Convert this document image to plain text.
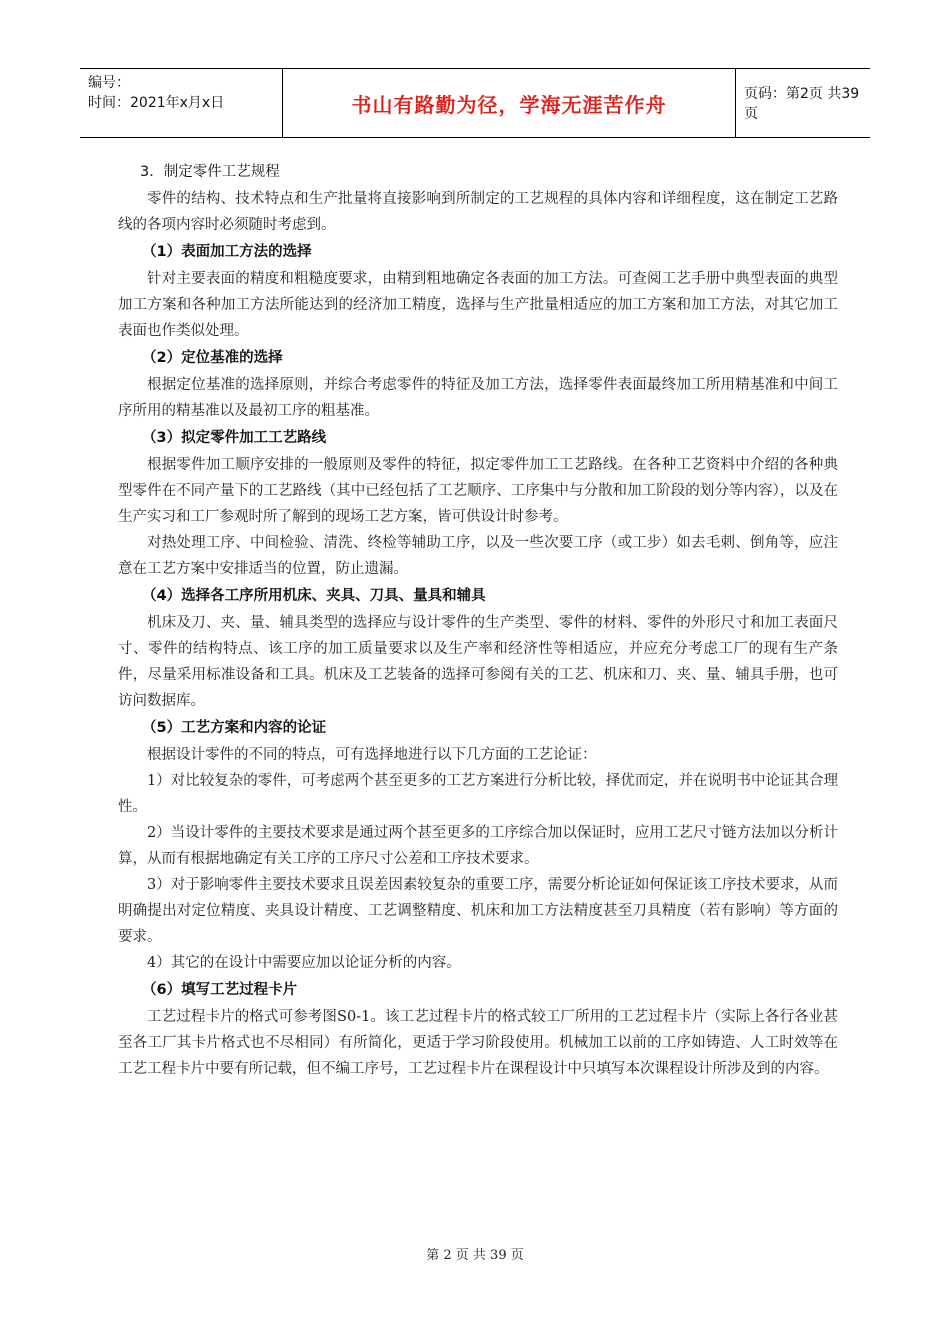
编号：
时间：2021年x月x日	书山有路勤为径，学海无涯苦作舟	页码：第2页 共39页
3．制定零件工艺规程

零件的结构、技术特点和生产批量将直接影响到所制定的工艺规程的具体内容和详细程度，这在制定工艺路线的各项内容时必须随时考虑到。

（1）表面加工方法的选择

针对主要表面的精度和粗糙度要求，由精到粗地确定各表面的加工方法。可查阅工艺手册中典型表面的典型加工方案和各种加工方法所能达到的经济加工精度，选择与生产批量相适应的加工方案和加工方法，对其它加工表面也作类似处理。

（2）定位基准的选择

根据定位基准的选择原则，并综合考虑零件的特征及加工方法，选择零件表面最终加工所用精基准和中间工序所用的精基准以及最初工序的粗基准。

（3）拟定零件加工工艺路线

根据零件加工顺序安排的一般原则及零件的特征，拟定零件加工工艺路线。在各种工艺资料中介绍的各种典型零件在不同产量下的工艺路线（其中已经包括了工艺顺序、工序集中与分散和加工阶段的划分等内容），以及在生产实习和工厂参观时所了解到的现场工艺方案，皆可供设计时参考。

对热处理工序、中间检验、清洗、终检等辅助工序，以及一些次要工序（或工步）如去毛刺、倒角等，应注意在工艺方案中安排适当的位置，防止遗漏。

（4）选择各工序所用机床、夹具、刀具、量具和辅具

机床及刀、夹、量、辅具类型的选择应与设计零件的生产类型、零件的材料、零件的外形尺寸和加工表面尺寸、零件的结构特点、该工序的加工质量要求以及生产率和经济性等相适应，并应充分考虑工厂的现有生产条件，尽量采用标准设备和工具。机床及工艺装备的选择可参阅有关的工艺、机床和刀、夹、量、辅具手册，也可访问数据库。

（5）工艺方案和内容的论证

根据设计零件的不同的特点，可有选择地进行以下几方面的工艺论证：

1）对比较复杂的零件，可考虑两个甚至更多的工艺方案进行分析比较，择优而定，并在说明书中论证其合理性。

2）当设计零件的主要技术要求是通过两个甚至更多的工序综合加以保证时，应用工艺尺寸链方法加以分析计算，从而有根据地确定有关工序的工序尺寸公差和工序技术要求。

3）对于影响零件主要技术要求且误差因素较复杂的重要工序，需要分析论证如何保证该工序技术要求，从而明确提出对定位精度、夹具设计精度、工艺调整精度、机床和加工方法精度甚至刀具精度（若有影响）等方面的要求。

4）其它的在设计中需要应加以论证分析的内容。

（6）填写工艺过程卡片

工艺过程卡片的格式可参考图S0-1。该工艺过程卡片的格式较工厂所用的工艺过程卡片（实际上各行各业甚至各工厂其卡片格式也不尽相同）有所简化，更适于学习阶段使用。机械加工以前的工序如铸造、人工时效等在工艺工程卡片中要有所记载，但不编工序号，工艺过程卡片在课程设计中只填写本次课程设计所涉及到的内容。

第 2 页 共 39 页
